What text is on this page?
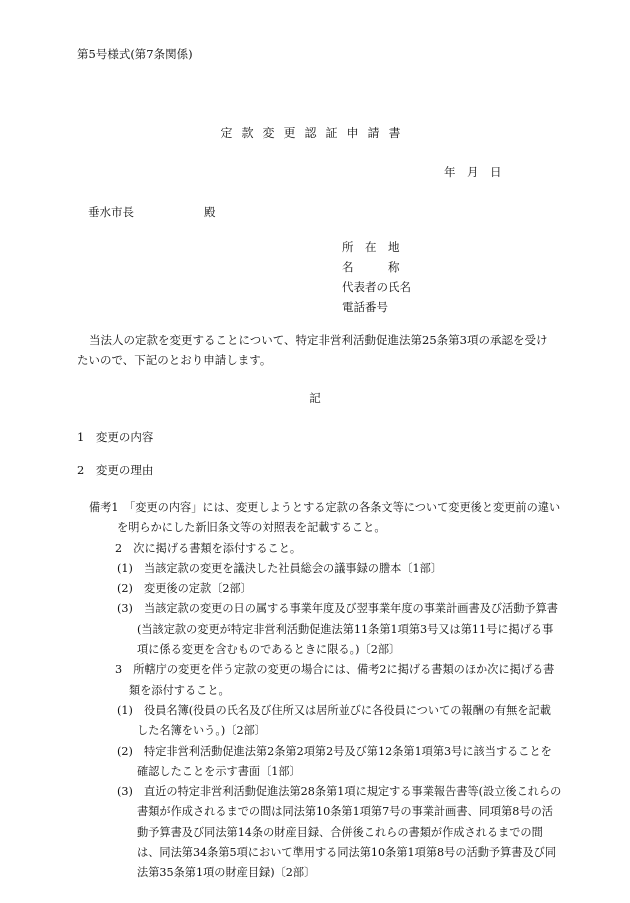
第5号様式(第7条関係)
定款変更認証申請書
年　月　日
垂水市長	殿
所　在　地
名　　　称
代表者の氏名
電話番号
当法人の定款を変更することについて、特定非営利活動促進法第25条第3項の承認を受けたいので、下記のとおり申請します。
記
1　変更の内容
2　変更の理由
備考1　「変更の内容」には、変更しようとする定款の各条文等について変更後と変更前の違いを明らかにした新旧条文等の対照表を記載すること。
2　次に掲げる書類を添付すること。
(1)　当該定款の変更を議決した社員総会の議事録の謄本〔1部〕
(2)　変更後の定款〔2部〕
(3)　当該定款の変更の日の属する事業年度及び翌事業年度の事業計画書及び活動予算書(当該定款の変更が特定非営利活動促進法第11条第1項第3号又は第11号に掲げる事項に係る変更を含むものであるときに限る。)〔2部〕
3　所轄庁の変更を伴う定款の変更の場合には、備考2に掲げる書類のほか次に掲げる書類を添付すること。
(1)　役員名簿(役員の氏名及び住所又は居所並びに各役員についての報酬の有無を記載した名簿をいう。)〔2部〕
(2)　特定非営利活動促進法第2条第2項第2号及び第12条第1項第3号に該当することを確認したことを示す書面〔1部〕
(3)　直近の特定非営利活動促進法第28条第1項に規定する事業報告書等(設立後これらの書類が作成されるまでの間は同法第10条第1項第7号の事業計画書、同項第8号の活動予算書及び同法第14条の財産目録、合併後これらの書類が作成されるまでの間は、同法第34条第5項において準用する同法第10条第1項第8号の活動予算書及び同法第35条第1項の財産目録)〔2部〕
